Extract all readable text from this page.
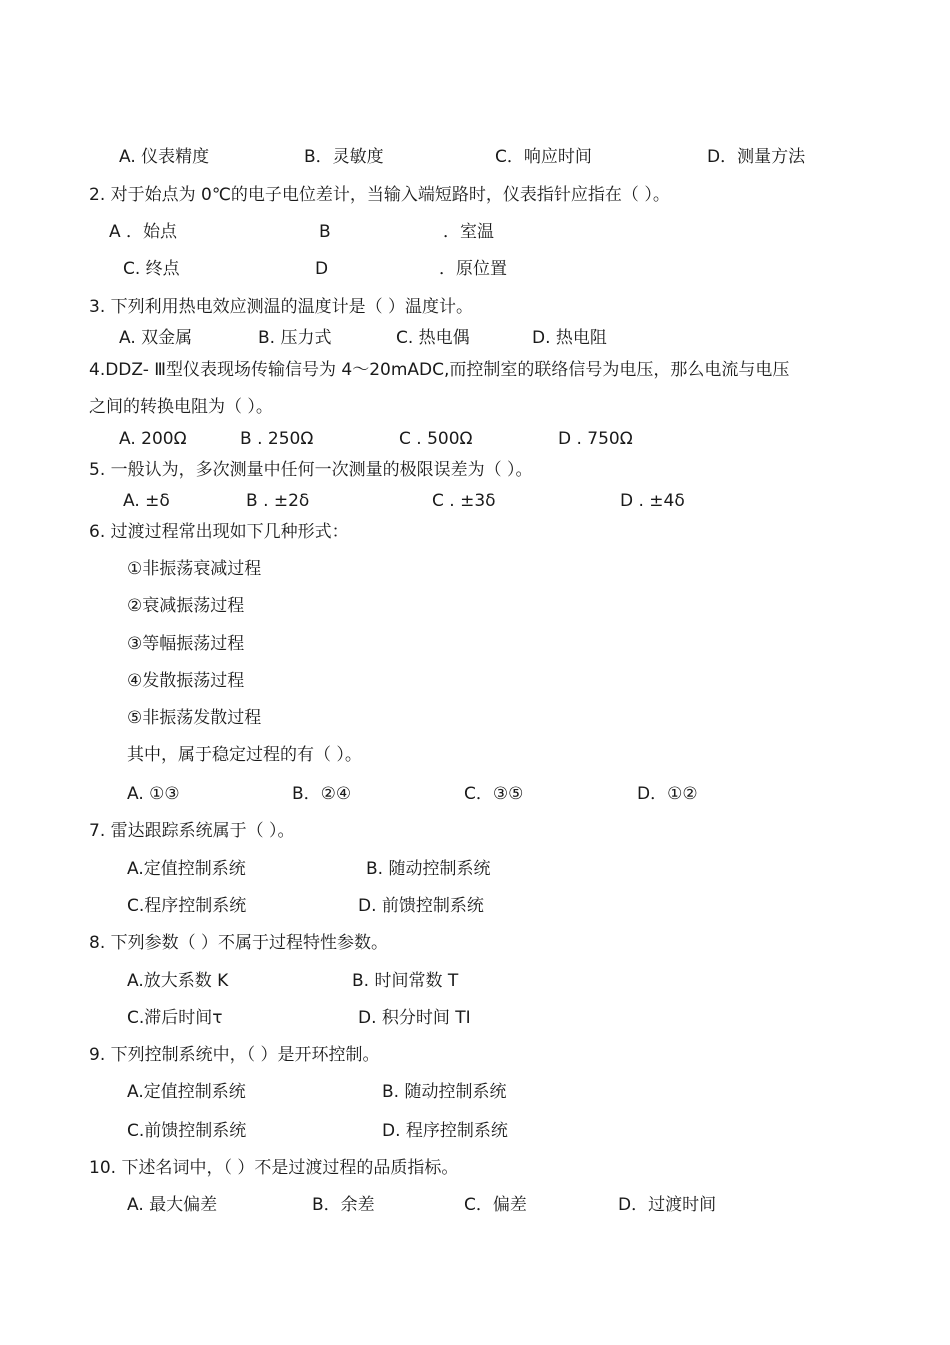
A. 仪表精度	B．灵敏度	C．响应时间	D．测量方法
2. 对于始点为 0℃的电子电位差计，当输入端短路时，仪表指针应指在（ ）。
A ．始点	B	．室温
C. 终点	D	．原位置
3. 下列利用热电效应测温的温度计是（ ）温度计。
A. 双金属	B. 压力式	C. 热电偶	D. 热电阻
4.DDZ- Ⅲ型仪表现场传输信号为 4～20mADC,而控制室的联络信号为电压，那么电流与电压
之间的转换电阻为（ ）。
A. 200Ω	B . 250Ω	C . 500Ω	D . 750Ω
5. 一般认为，多次测量中任何一次测量的极限误差为（ ）。
A. ±δ	B . ±2δ	C . ±3δ	D . ±4δ
6. 过渡过程常出现如下几种形式：
①非振荡衰减过程
②衰减振荡过程
③等幅振荡过程
④发散振荡过程
⑤非振荡发散过程
其中，属于稳定过程的有（ ）。
A. ①③	B．②④	C．③⑤	D．①②
7. 雷达跟踪系统属于（ ）。
A.定值控制系统	B. 随动控制系统
C.程序控制系统	D. 前馈控制系统
8. 下列参数（ ）不属于过程特性参数。
A.放大系数 K	B. 时间常数 T
C.滞后时间τ	D. 积分时间 TI
9. 下列控制系统中，（ ）是开环控制。
A.定值控制系统	B. 随动控制系统
C.前馈控制系统	D. 程序控制系统
10. 下述名词中，（ ）不是过渡过程的品质指标。
A. 最大偏差	B．余差	C．偏差	D．过渡时间
